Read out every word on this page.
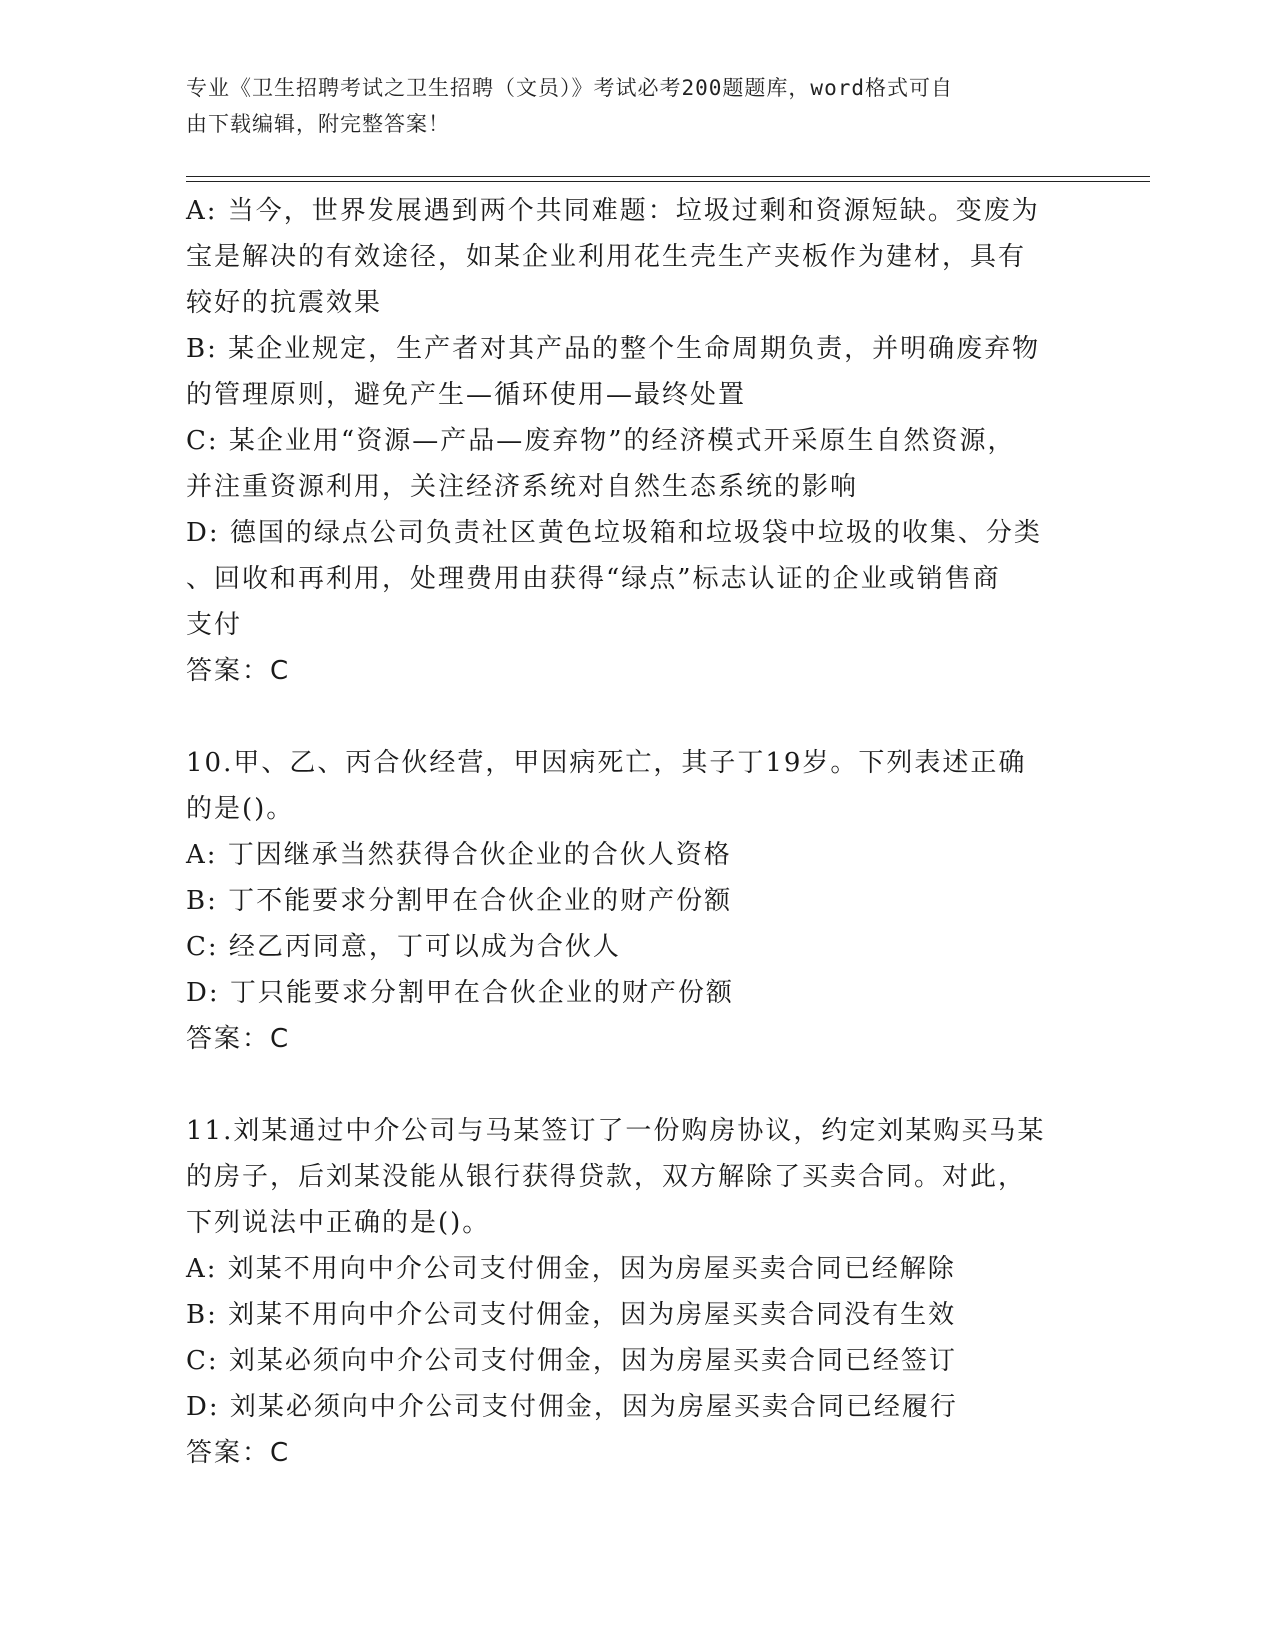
专业《卫生招聘考试之卫生招聘（文员）》考试必考200题题库，word格式可自
由下载编辑，附完整答案！
A: 当今，世界发展遇到两个共同难题：垃圾过剩和资源短缺。变废为
宝是解决的有效途径，如某企业利用花生壳生产夹板作为建材，具有
较好的抗震效果
B: 某企业规定，生产者对其产品的整个生命周期负责，并明确废弃物
的管理原则，避免产生—循环使用—最终处置
C: 某企业用“资源—产品—废弃物”的经济模式开采原生自然资源，
并注重资源利用，关注经济系统对自然生态系统的影响
D: 德国的绿点公司负责社区黄色垃圾箱和垃圾袋中垃圾的收集、分类
、回收和再利用，处理费用由获得“绿点”标志认证的企业或销售商
支付
答案：C
10.甲、乙、丙合伙经营，甲因病死亡，其子丁19岁。下列表述正确
的是()。
A: 丁因继承当然获得合伙企业的合伙人资格
B: 丁不能要求分割甲在合伙企业的财产份额
C: 经乙丙同意，丁可以成为合伙人
D: 丁只能要求分割甲在合伙企业的财产份额
答案：C
11.刘某通过中介公司与马某签订了一份购房协议，约定刘某购买马某
的房子，后刘某没能从银行获得贷款，双方解除了买卖合同。对此，
下列说法中正确的是()。
A: 刘某不用向中介公司支付佣金，因为房屋买卖合同已经解除
B: 刘某不用向中介公司支付佣金，因为房屋买卖合同没有生效
C: 刘某必须向中介公司支付佣金，因为房屋买卖合同已经签订
D: 刘某必须向中介公司支付佣金，因为房屋买卖合同已经履行
答案：C
